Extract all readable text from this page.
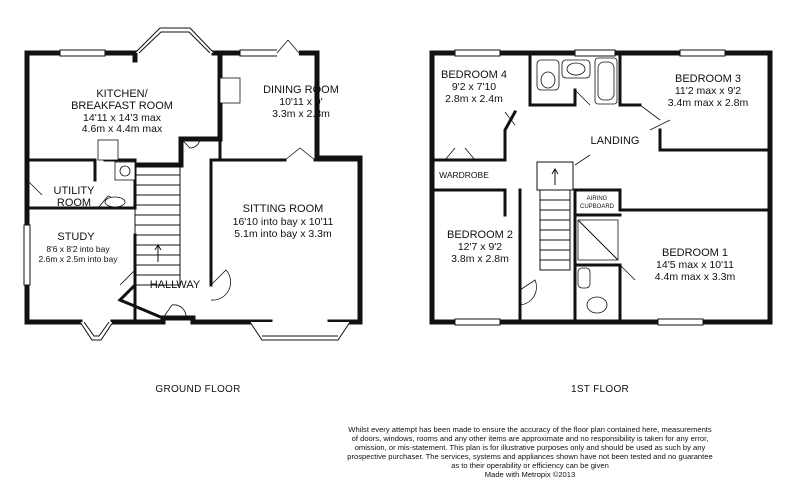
KITCHEN/
BREAKFAST ROOM
14'11 x 14'3 max
4.6m x 4.4m max
DINING ROOM
10'11 x 9'
3.3m x 2.8m
UTILITY
ROOM
STUDY
8'6 x 8'2 into bay
2.6m x 2.5m into bay
SITTING ROOM
16'10 into bay x 10'11
5.1m into bay x 3.3m
HALLWAY
GROUND FLOOR
BEDROOM 4
9'2 x 7'10
2.8m x 2.4m
BEDROOM 3
11'2 max x 9'2
3.4m max x 2.8m
LANDING
WARDROBE
AIRING
CUPBOARD
BEDROOM 2
12'7 x 9'2
3.8m x 2.8m	BEDROOM 1
14'5 max x 10'11
4.4m max x 3.3m
1ST FLOOR
Whilst every attempt has been made to ensure the accuracy of the floor plan contained here, measurements
of doors, windows, rooms and any other items are approximate and no responsibility is taken for any error,
omission, or mis-statement. This plan is for illustrative purposes only and should be used as such by any
prospective purchaser. The services, systems and appliances shown have not been tested and no guarantee
as to their operability or efficiency can be given
Made with Metropix ©2013
